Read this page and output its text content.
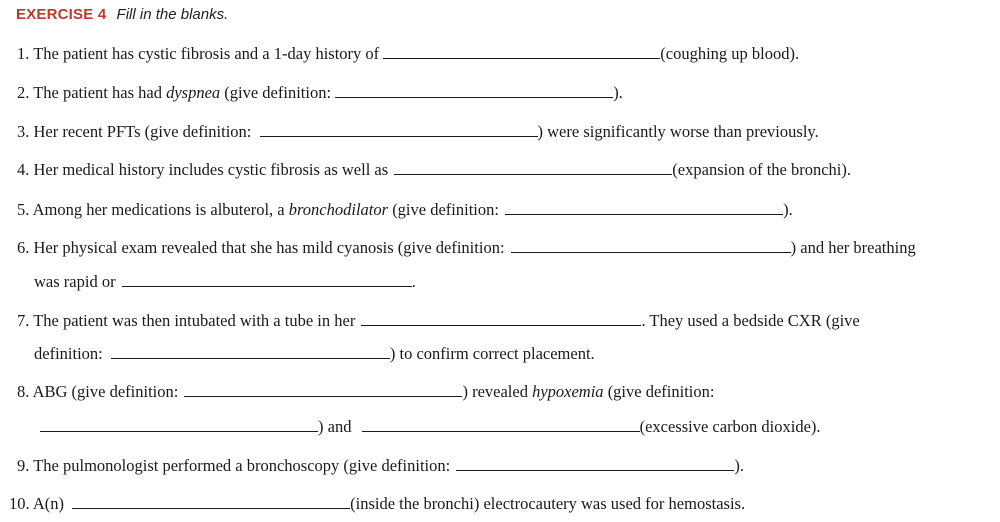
EXERCISE 4 Fill in the blanks.
1. The patient has cystic fibrosis and a 1-day history of	(coughing up blood).
2. The patient has had dyspnea (give definition:	).
3. Her recent PFTs (give definition:	) were significantly worse than previously.
4. Her medical history includes cystic fibrosis as well as	(expansion of the bronchi).
5. Among her medications is albuterol, a bronchodilator (give definition:	).
6. Her physical exam revealed that she has mild cyanosis (give definition:	) and her breathing
was rapid or	.
7. The patient was then intubated with a tube in her	. They used a bedside CXR (give
definition:	) to confirm correct placement.
8. ABG (give definition:	) revealed hypoxemia (give definition:
) and	(excessive carbon dioxide).
9. The pulmonologist performed a bronchoscopy (give definition:	).
10. A(n)	(inside the bronchi) electrocautery was used for hemostasis.
